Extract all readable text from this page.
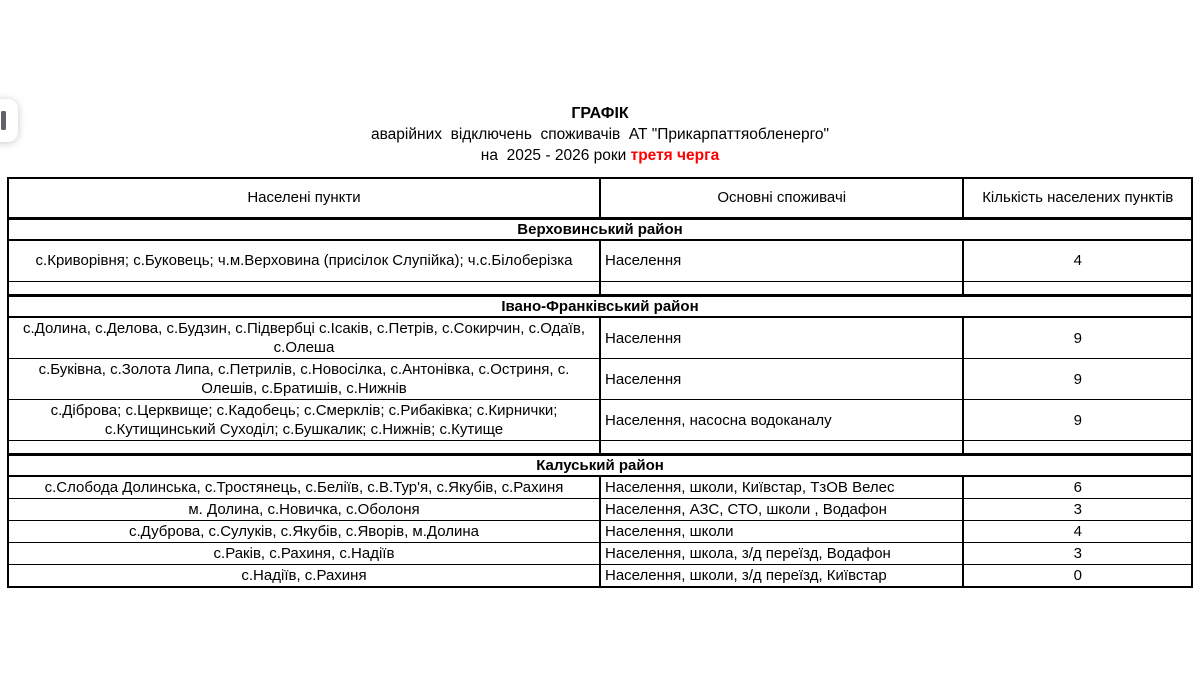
ГРАФІК
аварійних  відключень  споживачів  АТ "Прикарпаттяобленерго"
на  2025 - 2026 роки третя черга
Населені пункти	Основні споживачі	Кількість населених пунктів
Верховинський район		
с.Криворівня; с.Буковець; ч.м.Верховина (присілок Слупійка); ч.с.Білоберізка	Населення	4

Івано-Франківський район		
с.Долина, с.Делова, с.Будзин, с.Підвербці с.Ісаків, с.Петрів, с.Сокирчин, с.Одаїв, с.Олеша	Населення	9
с.Буківна, с.Золота Липа, с.Петрилів, с.Новосілка, с.Антонівка, с.Остриня, с. Олешів, с.Братишів, с.Нижнів	Населення	9
с.Діброва; с.Церквище; с.Кадобець; с.Смерклів; с.Рибаківка; с.Кирнички; с.Кутищинський Суходіл; с.Бушкалик; с.Нижнів; с.Кутище	Населення, насосна водоканалу	9

Калуський район		
с.Слобода Долинська, с.Тростянець, с.Беліїв, с.В.Тур'я, с.Якубів, с.Рахиня	Населення, школи, Київстар, ТзОВ Велес	6
м. Долина, с.Новичка, с.Оболоня	Населення, АЗС, СТО, школи , Водафон	3
с.Дуброва, с.Сулуків, с.Якубів, с.Яворів, м.Долина	Населення, школи	4
с.Раків, с.Рахиня, с.Надіїв	Населення, школа, з/д переїзд, Водафон	3
с.Надіїв, с.Рахиня	Населення, школи, з/д переїзд, Київстар	0
